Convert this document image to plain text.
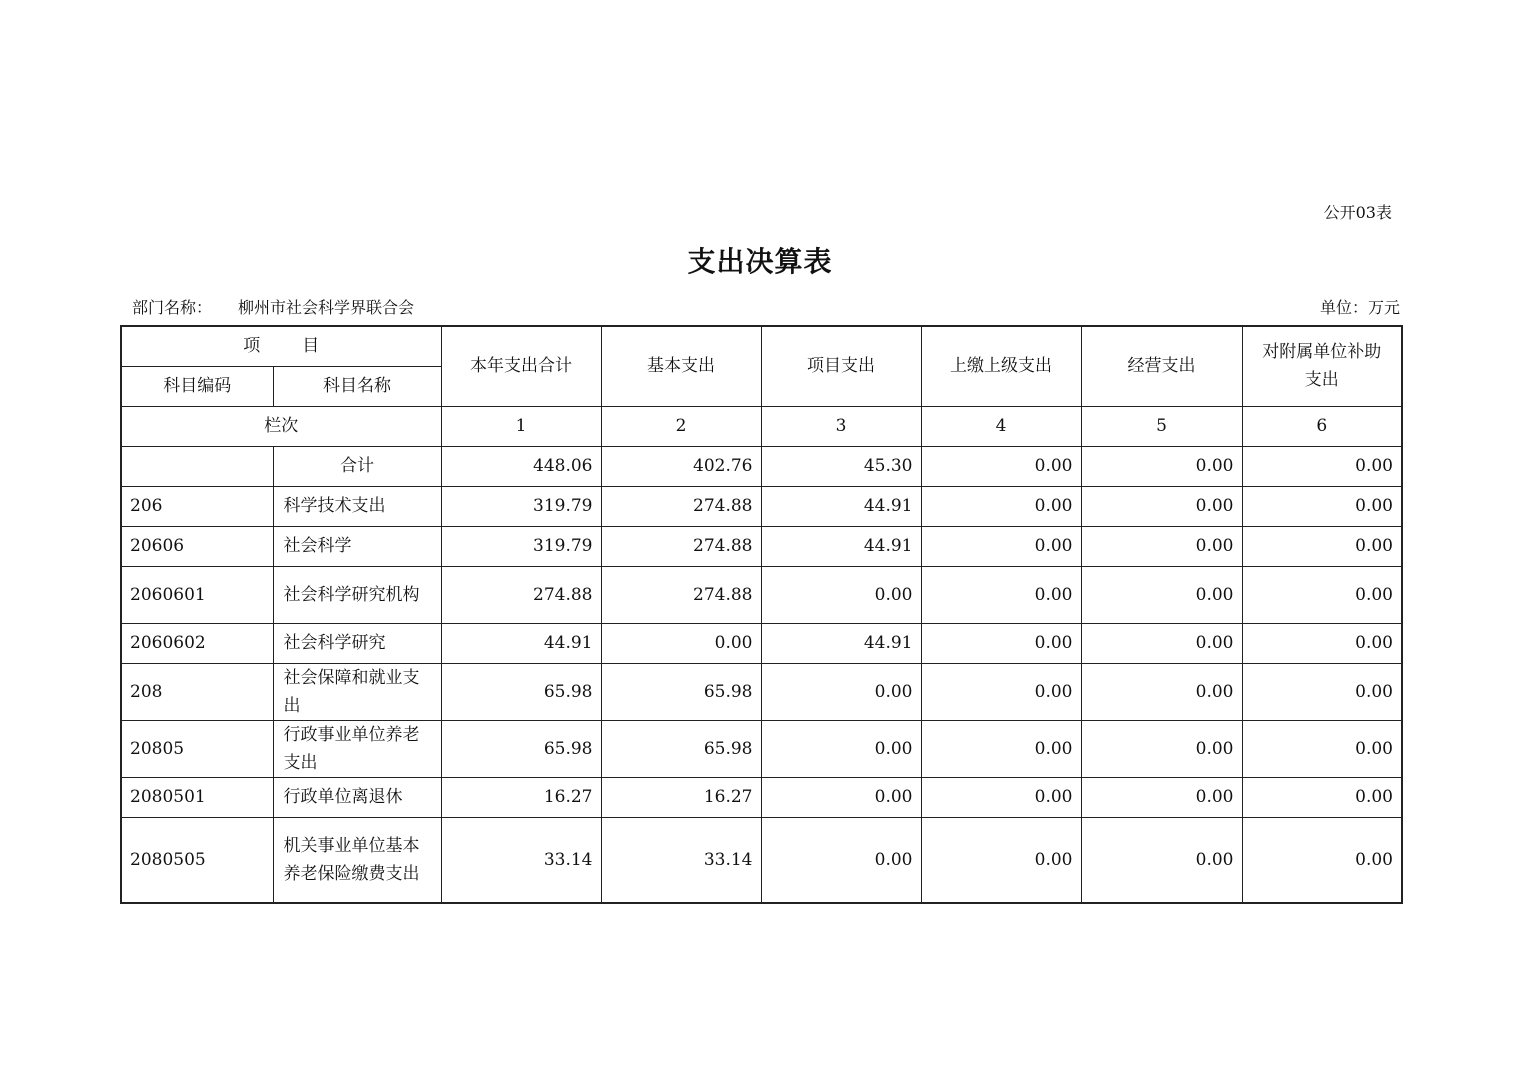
公开03表
支出决算表
部门名称： 柳州市社会科学界联合会	单位：万元
项 目		本年支出合计	基本支出	项目支出	上缴上级支出	经营支出	对附属单位补助支出
科目编码	科目名称						
栏次		1	2	3	4	5	6
	合计	448.06	402.76	45.30	0.00	0.00	0.00
206	科学技术支出	319.79	274.88	44.91	0.00	0.00	0.00
20606	社会科学	319.79	274.88	44.91	0.00	0.00	0.00
2060601	社会科学研究机构	274.88	274.88	0.00	0.00	0.00	0.00
2060602	社会科学研究	44.91	0.00	44.91	0.00	0.00	0.00
208	社会保障和就业支出	65.98	65.98	0.00	0.00	0.00	0.00
20805	行政事业单位养老支出	65.98	65.98	0.00	0.00	0.00	0.00
2080501	行政单位离退休	16.27	16.27	0.00	0.00	0.00	0.00
2080505	机关事业单位基本养老保险缴费支出	33.14	33.14	0.00	0.00	0.00	0.00
